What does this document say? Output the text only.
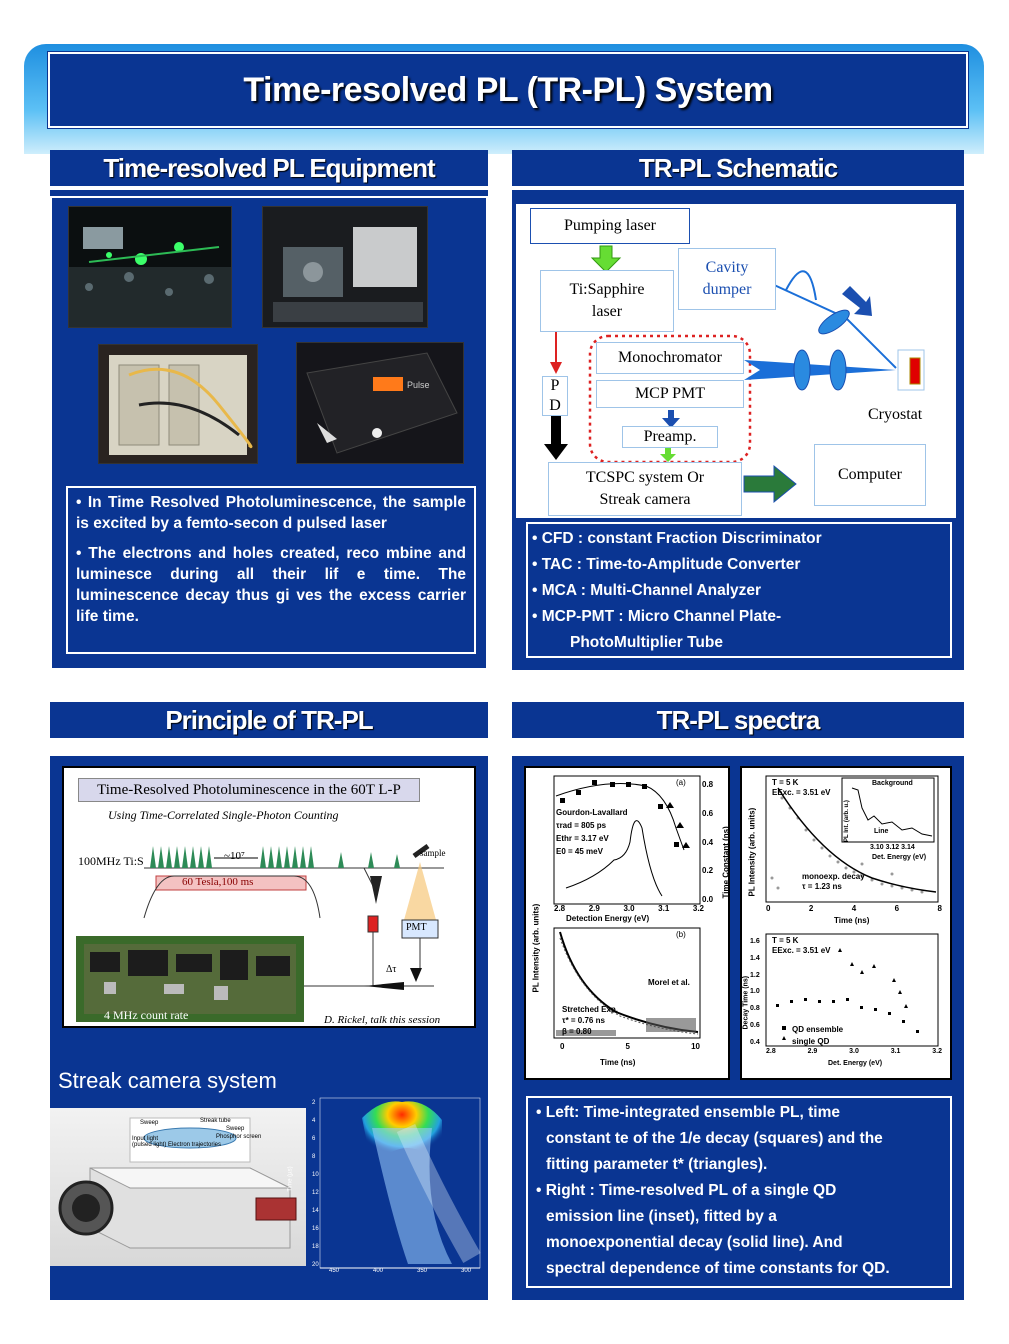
Time-resolved PL (TR-PL) System
Time-resolved PL Equipment	TR-PL Schematic
Principle of TR-PL	TR-PL spectra
Pulse
• In Time Resolved Photoluminescence, the sample is excited by a femto-secon d pulsed laser
• The electrons and holes created, reco mbine and luminesce during all their lif e time. The luminescence decay thus gi ves the excess carrier life time.
Pumping laser
Ti:Sapphire laser
Cavity dumper
Monochromator
MCP PMT
Preamp.
P D
TCSPC system Or Streak camera
Computer
Cryostat
• CFD : constant Fraction Discriminator
• TAC : Time-to-Amplitude Converter
• MCA : Multi-Channel Analyzer
• MCP-PMT : Micro Channel Plate-
PhotoMultiplier Tube
Time-Resolved Photoluminescence in the 60T L-P
Using Time-Correlated Single-Photon Counting
100MHz Ti:S	~10⁷
60 Tesla,100 ms
sample
PMT
Δτ
4 MHz count rate	D. Rickel, talk this session
Streak camera system
Sweep	Streak tube
Input light (pulsed light) Electron trajectories
Phosphor screen
Sweep
450	400	350	300
2
4
6
8
10
12
14
16
18
20
Time (µs)
(a)
Gourdon-Lavallard
τrad = 805 ps
Ethr = 3.17 eV
E0 = 45 meV
2.8	2.9	3.0	3.1	3.2
Detection Energy (eV)
0.8
0.6
0.4
0.2
0.0
Time Constant (ns)
PL Intensity (arb. units)	(b)
Morel et al.
Stretched Exp.
τ* = 0.76 ns
β = 0.80
0	5	10
Time (ns)
T = 5 K
EExc. = 3.51 eV
Background
Line
3.10 3.12 3.14
Det. Energy (eV)
PL Int. (arb. u.)
monoexp. decay
τ = 1.23 ns
0	2	4	6	8
Time (ns)
PL Intensity (arb. units)
T = 5 K
EExc. = 3.51 eV
QD ensemble
single QD
1.6
1.4
1.2
1.0
0.8
0.6
0.4
2.8	2.9	3.0	3.1	3.2
Det. Energy (eV)
Decay Time (ns)
• Left: Time-integrated ensemble PL, time
constant te of the 1/e decay (squares) and the
fitting parameter t* (triangles).
• Right : Time-resolved PL of a single QD
emission line (inset), fitted by a
monoexponential decay (solid line). And
spectral dependence of time constants for QD.
